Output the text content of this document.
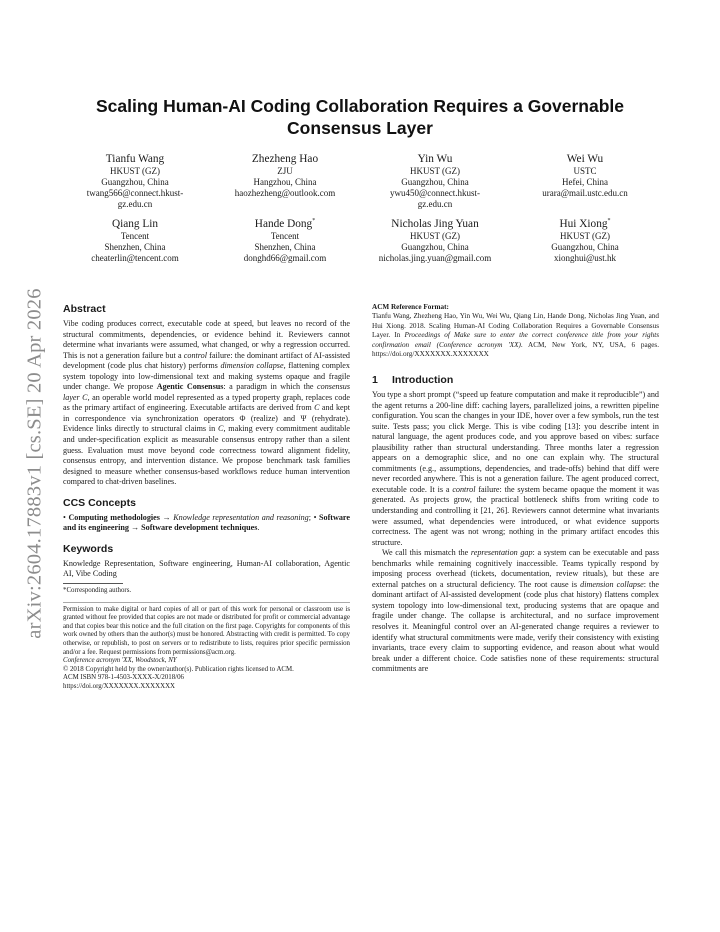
arXiv:2604.17883v1 [cs.SE] 20 Apr 2026
Scaling Human-AI Coding Collaboration Requires a Governable Consensus Layer
Tianfu Wang
HKUST (GZ)
Guangzhou, China
twang566@connect.hkust-
gz.edu.cn
Zhezheng Hao
ZJU
Hangzhou, China
haozhezheng@outlook.com
Yin Wu
HKUST (GZ)
Guangzhou, China
ywu450@connect.hkust-
gz.edu.cn
Wei Wu
USTC
Hefei, China
urara@mail.ustc.edu.cn
Qiang Lin
Tencent
Shenzhen, China
cheaterlin@tencent.com
Hande Dong*
Tencent
Shenzhen, China
donghd66@gmail.com
Nicholas Jing Yuan
HKUST (GZ)
Guangzhou, China
nicholas.jing.yuan@gmail.com
Hui Xiong*
HKUST (GZ)
Guangzhou, China
xionghui@ust.hk
Abstract

Vibe coding produces correct, executable code at speed, but leaves no record of the structural commitments, dependencies, or evidence behind it. Reviewers cannot determine what invariants were assumed, what changed, or why a regression occurred. This is not a generation failure but a control failure: the dominant artifact of AI-assisted development (code plus chat history) performs dimension collapse, flattening complex system topology into low-dimensional text and making systems opaque and fragile under change. We propose Agentic Consensus: a paradigm in which the consensus layer C, an operable world model represented as a typed property graph, replaces code as the primary artifact of engineering. Executable artifacts are derived from C and kept in correspondence via synchronization operators Φ (realize) and Ψ (rehydrate). Evidence links directly to structural claims in C, making every commitment auditable and under-specification explicit as measurable consensus entropy rather than a silent guess. Evaluation must move beyond code correctness toward alignment fidelity, consensus entropy, and intervention distance. We propose benchmark task families designed to measure whether consensus-based workflows reduce human intervention compared to chat-driven baselines.

CCS Concepts

• Computing methodologies → Knowledge representation and reasoning; • Software and its engineering → Software development techniques.

Keywords

Knowledge Representation, Software engineering, Human-AI collaboration, Agentic AI, Vibe Coding

*Corresponding authors.

Permission to make digital or hard copies of all or part of this work for personal or classroom use is granted without fee provided that copies are not made or distributed for profit or commercial advantage and that copies bear this notice and the full citation on the first page. Copyrights for components of this work owned by others than the author(s) must be honored. Abstracting with credit is permitted. To copy otherwise, or republish, to post on servers or to redistribute to lists, requires prior specific permission and/or a fee. Request permissions from permissions@acm.org.

Conference acronym 'XX, Woodstock, NY

© 2018 Copyright held by the owner/author(s). Publication rights licensed to ACM.

ACM ISBN 978-1-4503-XXXX-X/2018/06

https://doi.org/XXXXXXX.XXXXXXX

ACM Reference Format:

Tianfu Wang, Zhezheng Hao, Yin Wu, Wei Wu, Qiang Lin, Hande Dong, Nicholas Jing Yuan, and Hui Xiong. 2018. Scaling Human-AI Coding Collaboration Requires a Governable Consensus Layer. In Proceedings of Make sure to enter the correct conference title from your rights confirmation email (Conference acronym 'XX). ACM, New York, NY, USA, 6 pages. https://doi.org/XXXXXXX.XXXXXXX

1 Introduction

You type a short prompt (“speed up feature computation and make it reproducible”) and the agent returns a 200-line diff: caching layers, parallelized joins, a rewritten pipeline configuration. You scan the changes in your IDE, hover over a few symbols, run the test suite. Tests pass; you click Merge. This is vibe coding [13]: you describe intent in natural language, the agent produces code, and you approve based on vibes: surface plausibility rather than structural understanding. Three months later a regression appears on a demographic slice, and no one can explain why. The structural commitments (e.g., assumptions, dependencies, and trade-offs) behind that diff were never recorded anywhere. This is not a generation failure. The agent produced correct, executable code. It is a control failure: the system became opaque the moment it was generated. As projects grow, the practical bottleneck shifts from writing code to understanding and controlling it [21, 26]. Reviewers cannot determine what invariants were assumed, what dependencies were introduced, or what evidence supports correctness. The agent was not wrong; nothing in the primary artifact encodes this structure.

We call this mismatch the representation gap: a system can be executable and pass benchmarks while remaining cognitively inaccessible. Teams typically respond by imposing process overhead (tickets, documentation, review rituals), but these are external patches on a structural deficiency. The root cause is dimension collapse: the dominant artifact of AI-assisted development (code plus chat history) flattens complex system topology into low-dimensional text, producing systems that are opaque and fragile under change. The collapse is architectural, and no surface improvement resolves it. Meaningful control over an AI-generated change requires a reviewer to identify what structural commitments were made, verify their consistency with existing invariants, trace every claim to supporting evidence, and reason about what would break under a different choice. Code satisfies none of these requirements: structural commitments are
